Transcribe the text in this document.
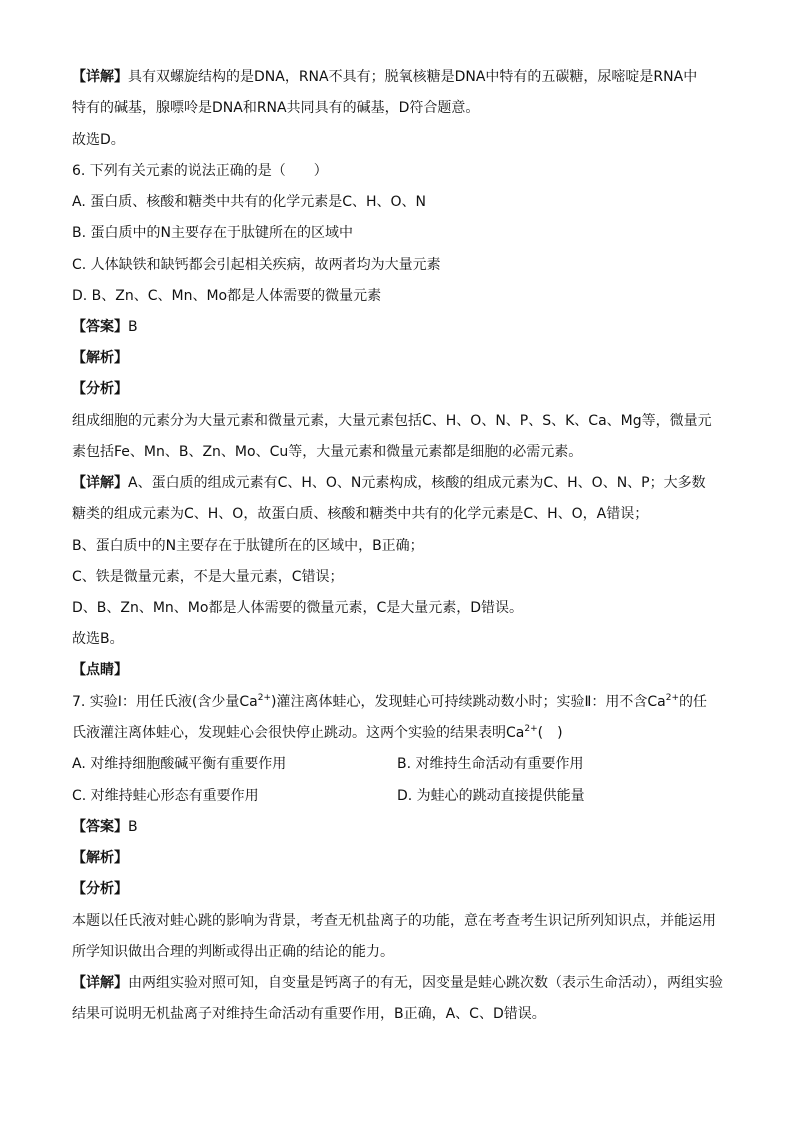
【详解】具有双螺旋结构的是DNA，RNA不具有；脱氧核糖是DNA中特有的五碳糖，尿嘧啶是RNA中
特有的碱基，腺嘌呤是DNA和RNA共同具有的碱基，D符合题意。
故选D。
6. 下列有关元素的说法正确的是（　　）
A. 蛋白质、核酸和糖类中共有的化学元素是C、H、O、N
B. 蛋白质中的N主要存在于肽键所在的区域中
C. 人体缺铁和缺钙都会引起相关疾病，故两者均为大量元素
D. B、Zn、C、Mn、Mo都是人体需要的微量元素
【答案】B
【解析】
【分析】
组成细胞的元素分为大量元素和微量元素，大量元素包括C、H、O、N、P、S、K、Ca、Mg等，微量元
素包括Fe、Mn、B、Zn、Mo、Cu等，大量元素和微量元素都是细胞的必需元素。
【详解】A、蛋白质的组成元素有C、H、O、N元素构成，核酸的组成元素为C、H、O、N、P；大多数
糖类的组成元素为C、H、O，故蛋白质、核酸和糖类中共有的化学元素是C、H、O，A错误；
B、蛋白质中的N主要存在于肽键所在的区域中，B正确；
C、铁是微量元素，不是大量元素，C错误；
D、B、Zn、Mn、Mo都是人体需要的微量元素，C是大量元素，D错误。
故选B。
【点睛】
7. 实验Ⅰ：用任氏液(含少量$Ca^{2+}$)灌注离体蛙心，发现蛙心可持续跳动数小时；实验Ⅱ：用不含$Ca^{2+}$的任
氏液灌注离体蛙心，发现蛙心会很快停止跳动。这两个实验的结果表明$Ca^{2+}$(　)
【答案】B
【解析】
【分析】
本题以任氏液对蛙心跳的影响为背景，考查无机盐离子的功能，意在考查考生识记所列知识点，并能运用
所学知识做出合理的判断或得出正确的结论的能力。
【详解】由两组实验对照可知，自变量是钙离子的有无，因变量是蛙心跳次数（表示生命活动），两组实验
结果可说明无机盐离子对维持生命活动有重要作用，B正确，A、C、D错误。
A. 对维持细胞酸碱平衡有重要作用	B. 对维持生命活动有重要作用
C. 对维持蛙心形态有重要作用	D. 为蛙心的跳动直接提供能量
